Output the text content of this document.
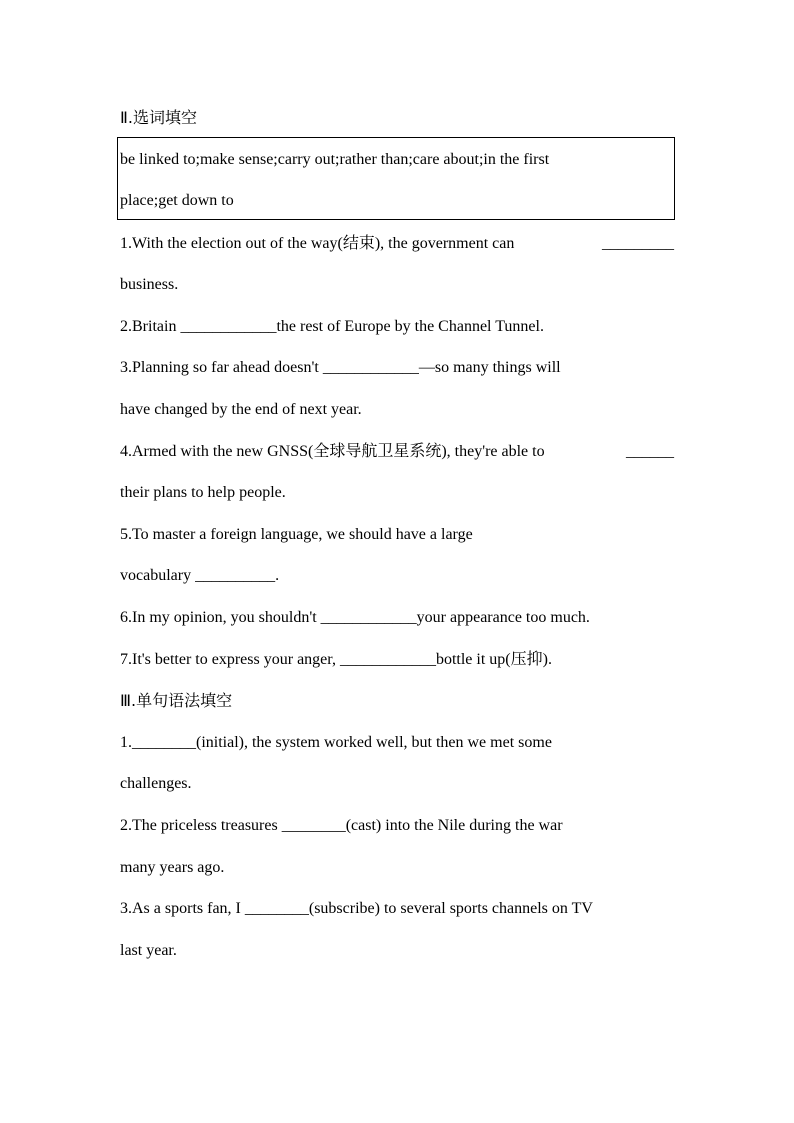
Ⅱ.选词填空
be linked to;make sense;carry out;rather than;care about;in the first
place;get down to
1.With the election out of the way(结束), the government can	_________
business.
2.Britain ____________the rest of Europe by the Channel Tunnel.
3.Planning so far ahead doesn't ____________—so many things will
have changed by the end of next year.
4.Armed with the new GNSS(全球导航卫星系统), they're able to	______
their plans to help people.
5.To master a foreign language, we should have a large
vocabulary __________.
6.In my opinion, you shouldn't ____________your appearance too much.
7.It's better to express your anger, ____________bottle it up(压抑).
Ⅲ.单句语法填空
1.________(initial), the system worked well, but then we met some
challenges.
2.The priceless treasures ________(cast) into the Nile during the war
many years ago.
3.As a sports fan, I ________(subscribe) to several sports channels on TV
last year.
